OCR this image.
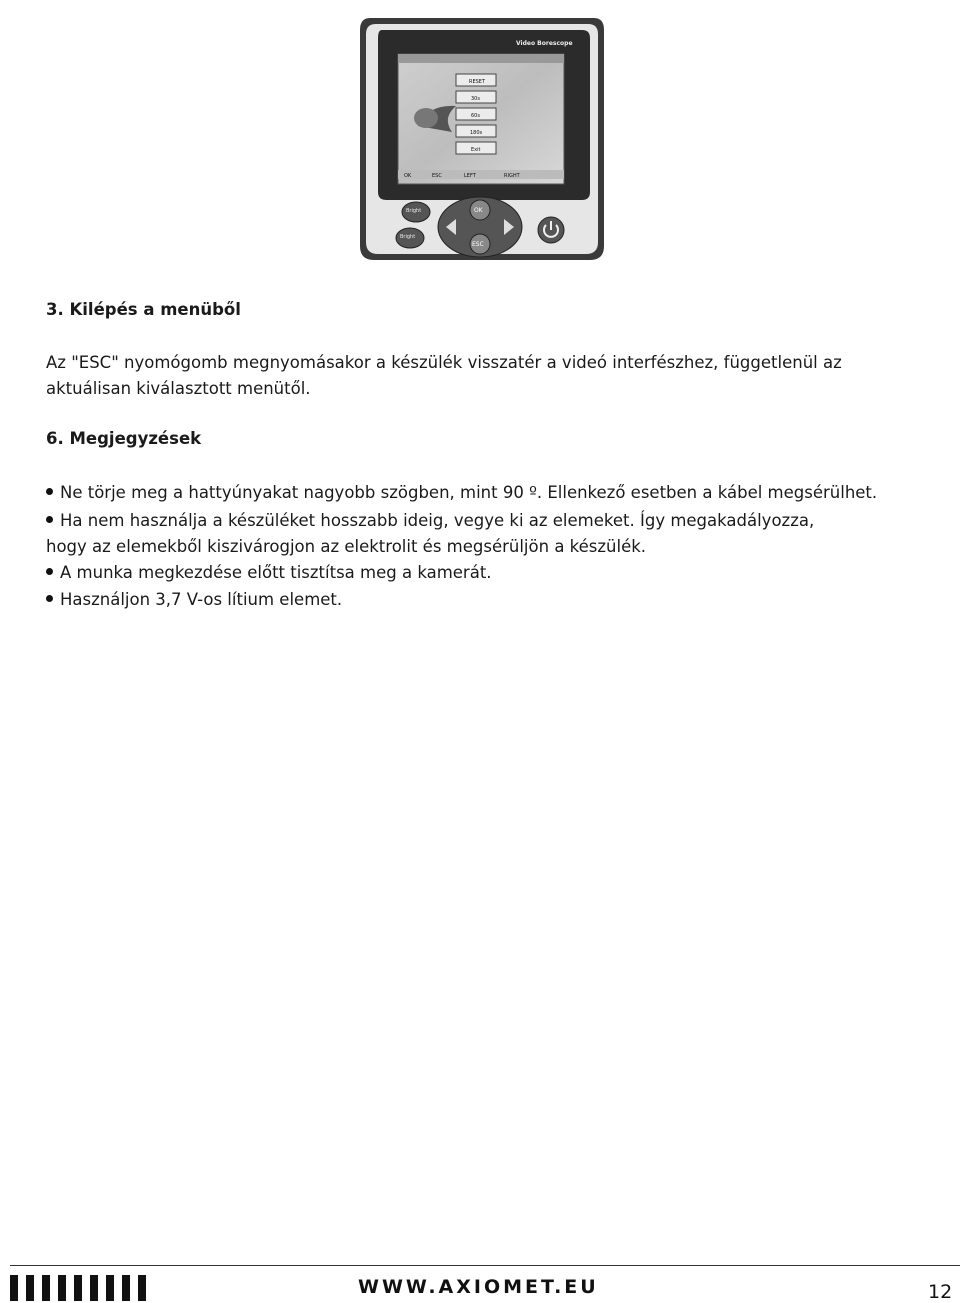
Video Borescope
RESET
30s
60s
180s
Exit
OK	ESC	LEFT	RIGHT
Bright
Bright
OK
ESC
3. Kilépés a menüből
Az "ESC" nyomógomb megnyomásakor a készülék visszatér a videó interfészhez, függetlenül az
aktuálisan kiválasztott menütől.
6. Megjegyzések
Ne törje meg a hattyúnyakat nagyobb szögben, mint 90 º. Ellenkező esetben a kábel megsérülhet.
Ha nem használja a készüléket hosszabb ideig, vegye ki az elemeket. Így megakadályozza,
hogy az elemekből kiszivárogjon az elektrolit és megsérüljön a készülék.
A munka megkezdése előtt tisztítsa meg a kamerát.
Használjon 3,7 V-os lítium elemet.
WWW.AXIOMET.EU	12
